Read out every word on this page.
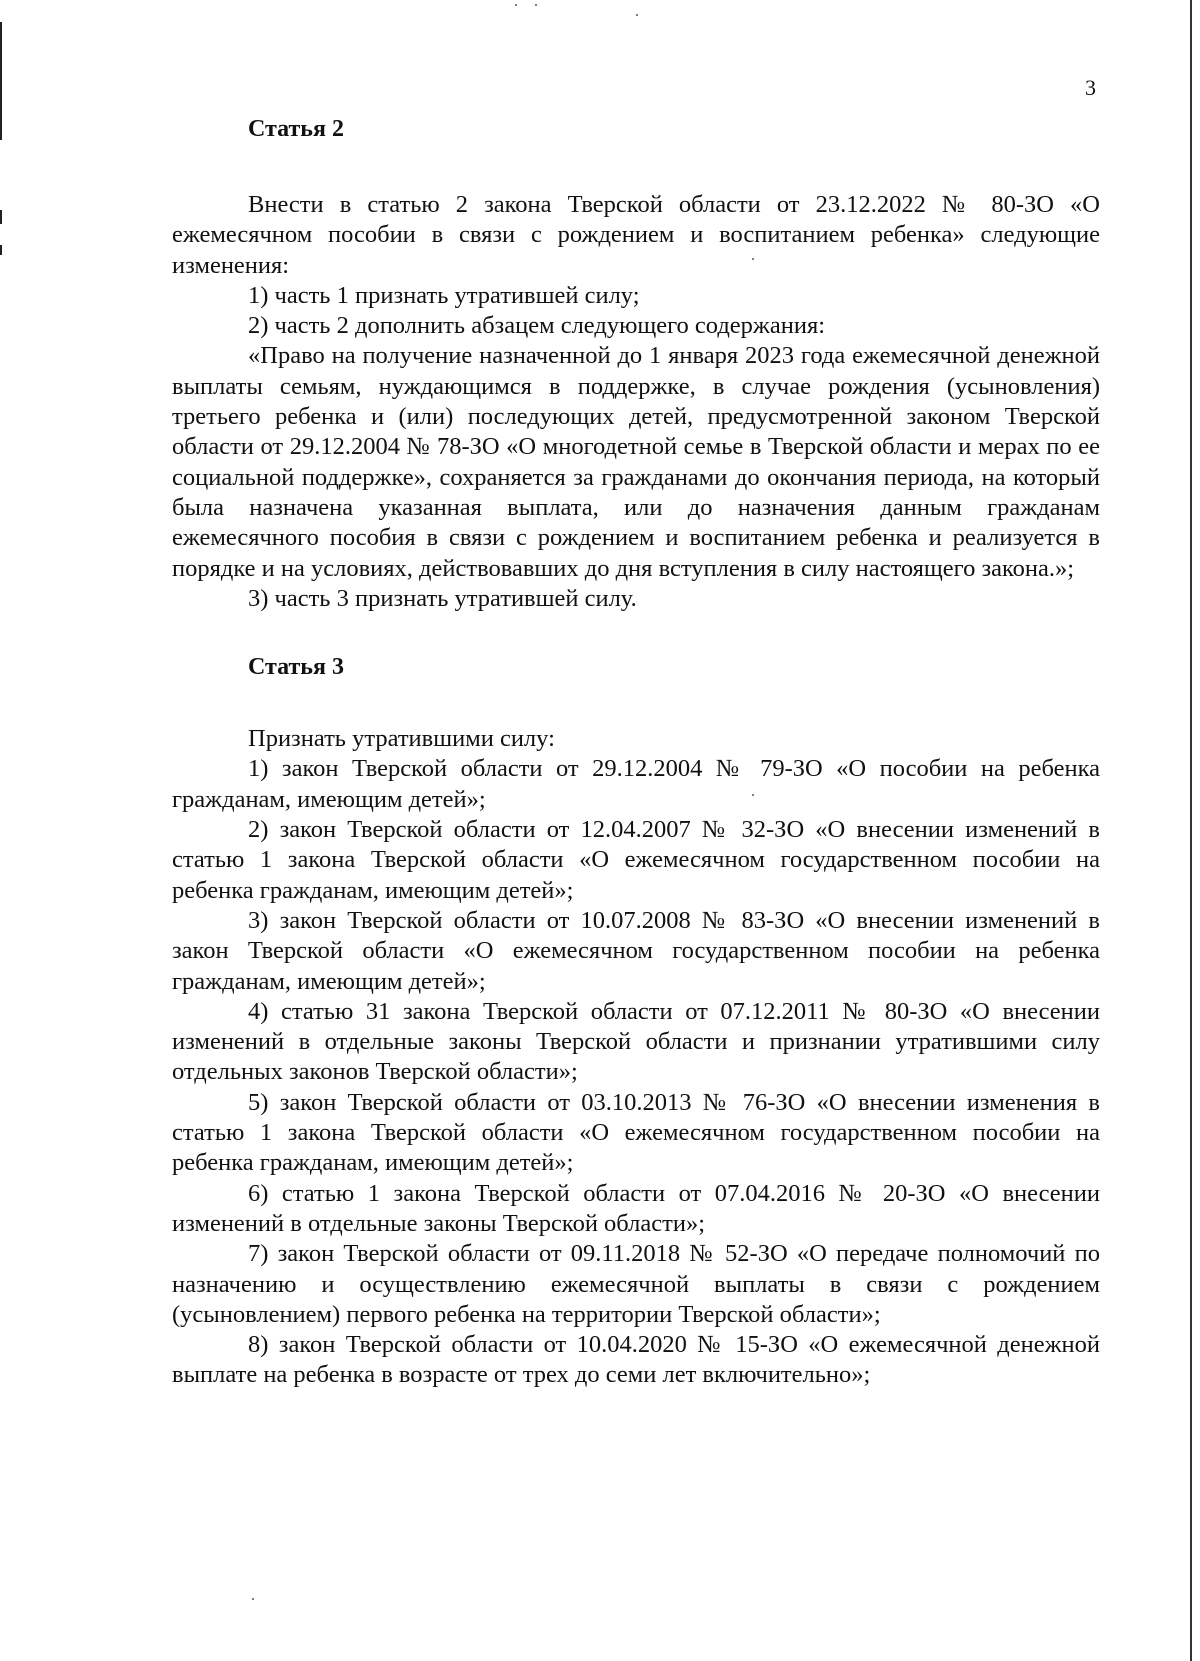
3
Статья 2

Внести в статью 2 закона Тверской области от 23.12.2022 № 80-ЗО «О ежемесячном пособии в связи с рождением и воспитанием ребенка» следующие изменения:

1) часть 1 признать утратившей силу;

2) часть 2 дополнить абзацем следующего содержания:

«Право на получение назначенной до 1 января 2023 года ежемесячной денежной выплаты семьям, нуждающимся в поддержке, в случае рождения (усыновления) третьего ребенка и (или) последующих детей, предусмотренной законом Тверской области от 29.12.2004 № 78-ЗО «О многодетной семье в Тверской области и мерах по ее социальной поддержке», сохраняется за гражданами до окончания периода, на который была назначена указанная выплата, или до назначения данным гражданам ежемесячного пособия в связи с рождением и воспитанием ребенка и реализуется в порядке и на условиях, действовавших до дня вступления в силу настоящего закона.»;

3) часть 3 признать утратившей силу.

Статья 3

Признать утратившими силу:

1) закон Тверской области от 29.12.2004 № 79-ЗО «О пособии на ребенка гражданам, имеющим детей»;

2) закон Тверской области от 12.04.2007 № 32-ЗО «О внесении изменений в статью 1 закона Тверской области «О ежемесячном государственном пособии на ребенка гражданам, имеющим детей»;

3) закон Тверской области от 10.07.2008 № 83-ЗО «О внесении изменений в закон Тверской области «О ежемесячном государственном пособии на ребенка гражданам, имеющим детей»;

4) статью 31 закона Тверской области от 07.12.2011 № 80-ЗО «О внесении изменений в отдельные законы Тверской области и признании утратившими силу отдельных законов Тверской области»;

5) закон Тверской области от 03.10.2013 № 76-ЗО «О внесении изменения в статью 1 закона Тверской области «О ежемесячном государственном пособии на ребенка гражданам, имеющим детей»;

6) статью 1 закона Тверской области от 07.04.2016 № 20-ЗО «О внесении изменений в отдельные законы Тверской области»;

7) закон Тверской области от 09.11.2018 № 52-ЗО «О передаче полномочий по назначению и осуществлению ежемесячной выплаты в связи с рождением (усыновлением) первого ребенка на территории Тверской области»;

8) закон Тверской области от 10.04.2020 № 15-ЗО «О ежемесячной денежной выплате на ребенка в возрасте от трех до семи лет включительно»;
